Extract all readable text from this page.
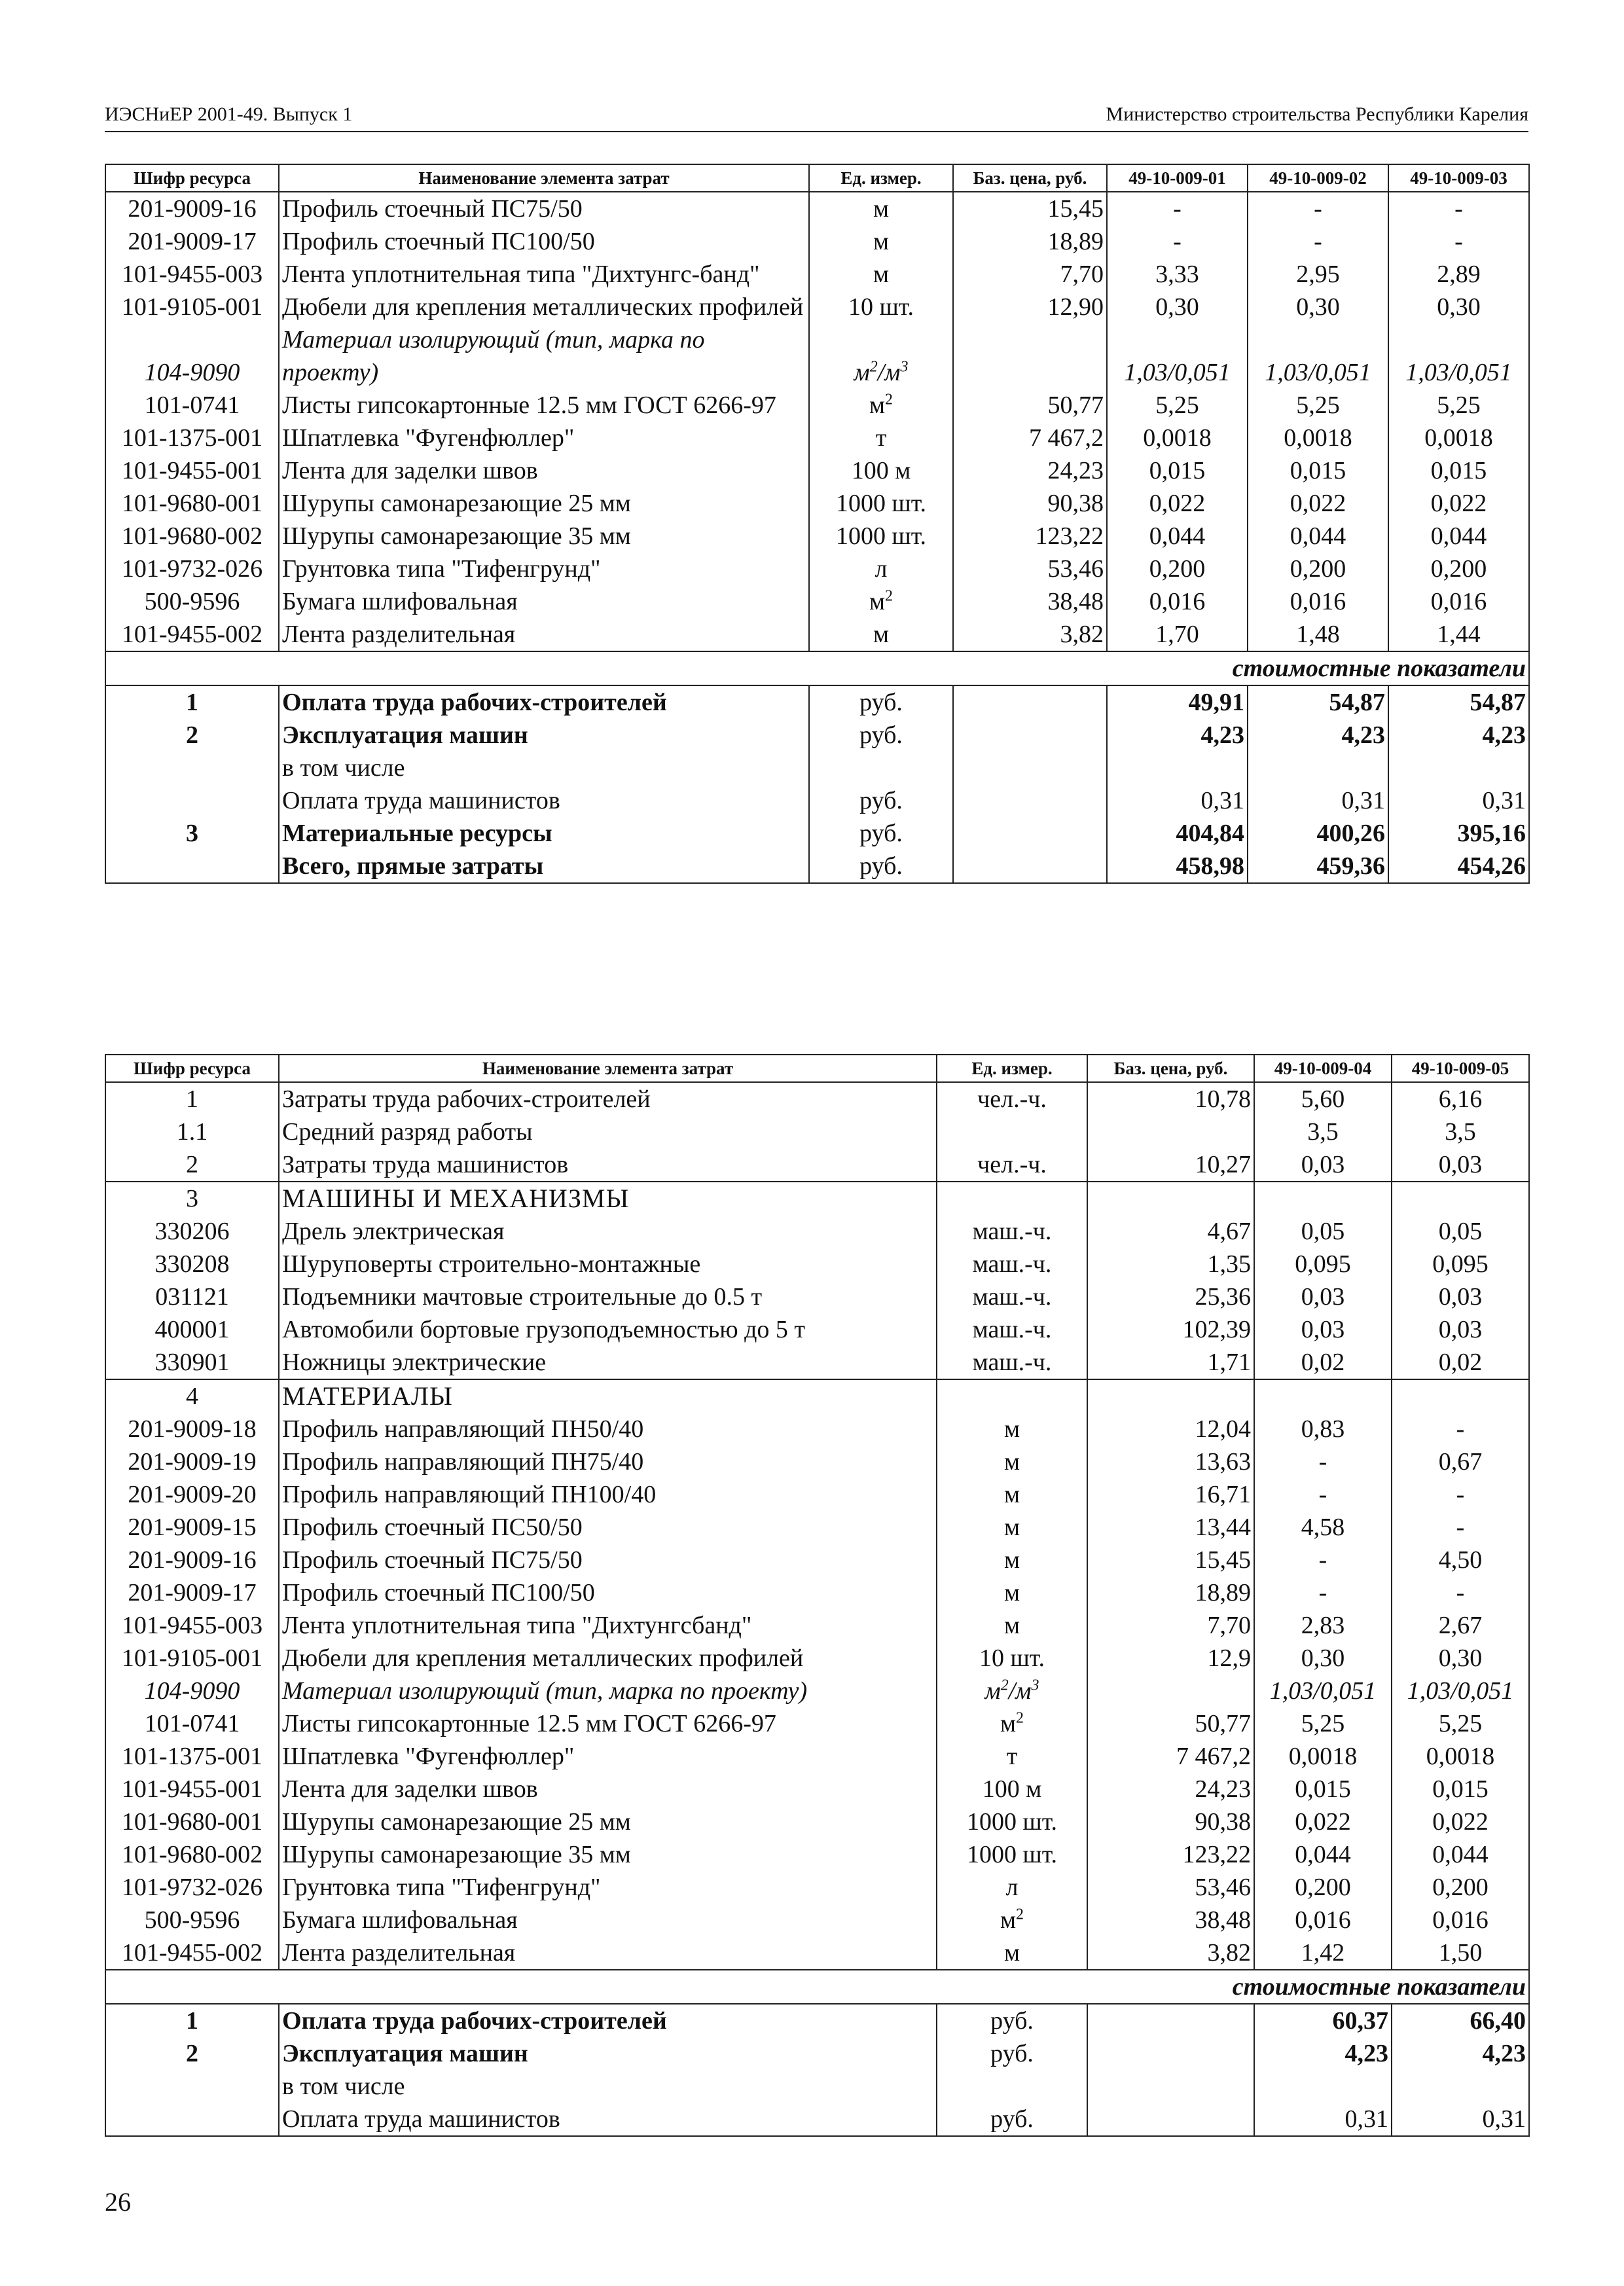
ИЭСНиЕР 2001-49. Выпуск 1	Министерство строительства Республики Карелия
Шифр ресурса	Наименование элемента затрат	Ед. измер.	Баз. цена, руб.	49-10-009-01	49-10-009-02	49-10-009-03
201-9009-16	Профиль стоечный ПС75/50	м	15,45	-	-	-
201-9009-17	Профиль стоечный ПС100/50	м	18,89	-	-	-
101-9455-003	Лента уплотнительная типа "Дихтунгс-банд"	м	7,70	3,33	2,95	2,89
101-9105-001	Дюбели для крепления металлических профилей	10 шт.	12,90	0,30	0,30	0,30
104-9090	Материал изолирующий (тип, марка по проекту)	$м^2/м^3$		1,03/0,051	1,03/0,051	1,03/0,051
101-0741	Листы гипсокартонные 12.5 мм ГОСТ 6266-97	$м^2$	50,77	5,25	5,25	5,25
101-1375-001	Шпатлевка "Фугенфюллер"	т	7 467,2	0,0018	0,0018	0,0018
101-9455-001	Лента для заделки швов	100 м	24,23	0,015	0,015	0,015
101-9680-001	Шурупы самонарезающие 25 мм	1000 шт.	90,38	0,022	0,022	0,022
101-9680-002	Шурупы самонарезающие 35 мм	1000 шт.	123,22	0,044	0,044	0,044
101-9732-026	Грунтовка типа "Тифенгрунд"	л	53,46	0,200	0,200	0,200
500-9596	Бумага шлифовальная	$м^2$	38,48	0,016	0,016	0,016
101-9455-002	Лента разделительная	м	3,82	1,70	1,48	1,44
стоимостные показатели						
1	Оплата труда рабочих-строителей	руб.		49,91	54,87	54,87
2	Эксплуатация машин	руб.		4,23	4,23	4,23
	в том числе					
	Оплата труда машинистов	руб.		0,31	0,31	0,31
3	Материальные ресурсы	руб.		404,84	400,26	395,16
	Всего, прямые затраты	руб.		458,98	459,36	454,26
Шифр ресурса	Наименование элемента затрат	Ед. измер.	Баз. цена, руб.	49-10-009-04	49-10-009-05
1	Затраты труда рабочих-строителей	чел.-ч.	10,78	5,60	6,16
1.1	Средний разряд работы			3,5	3,5
2	Затраты труда машинистов	чел.-ч.	10,27	0,03	0,03
3	МАШИНЫ И МЕХАНИЗМЫ				
330206	Дрель электрическая	маш.-ч.	4,67	0,05	0,05
330208	Шуруповерты строительно-монтажные	маш.-ч.	1,35	0,095	0,095
031121	Подъемники мачтовые строительные до 0.5 т	маш.-ч.	25,36	0,03	0,03
400001	Автомобили бортовые грузоподъемностью до 5 т	маш.-ч.	102,39	0,03	0,03
330901	Ножницы электрические	маш.-ч.	1,71	0,02	0,02
4	МАТЕРИАЛЫ				
201-9009-18	Профиль направляющий ПН50/40	м	12,04	0,83	-
201-9009-19	Профиль направляющий ПН75/40	м	13,63	-	0,67
201-9009-20	Профиль направляющий ПН100/40	м	16,71	-	-
201-9009-15	Профиль стоечный ПС50/50	м	13,44	4,58	-
201-9009-16	Профиль стоечный ПС75/50	м	15,45	-	4,50
201-9009-17	Профиль стоечный ПС100/50	м	18,89	-	-
101-9455-003	Лента уплотнительная типа "Дихтунгсбанд"	м	7,70	2,83	2,67
101-9105-001	Дюбели для крепления металлических профилей	10 шт.	12,9	0,30	0,30
104-9090	Материал изолирующий (тип, марка по проекту)	$м^2/м^3$		1,03/0,051	1,03/0,051
101-0741	Листы гипсокартонные 12.5 мм ГОСТ 6266-97	$м^2$	50,77	5,25	5,25
101-1375-001	Шпатлевка "Фугенфюллер"	т	7 467,2	0,0018	0,0018
101-9455-001	Лента для заделки швов	100 м	24,23	0,015	0,015
101-9680-001	Шурупы самонарезающие 25 мм	1000 шт.	90,38	0,022	0,022
101-9680-002	Шурупы самонарезающие 35 мм	1000 шт.	123,22	0,044	0,044
101-9732-026	Грунтовка типа "Тифенгрунд"	л	53,46	0,200	0,200
500-9596	Бумага шлифовальная	$м^2$	38,48	0,016	0,016
101-9455-002	Лента разделительная	м	3,82	1,42	1,50
стоимостные показатели					
1	Оплата труда рабочих-строителей	руб.		60,37	66,40
2	Эксплуатация машин	руб.		4,23	4,23
	в том числе				
	Оплата труда машинистов	руб.		0,31	0,31
26
